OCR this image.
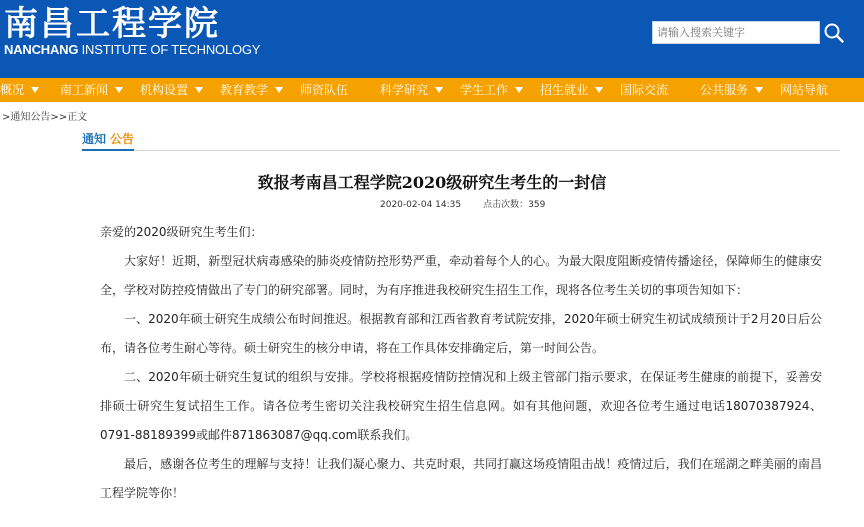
南昌工程学院
NANCHANG INSTITUTE OF TECHNOLOGY
请输入搜索关键字
概况	南工新闻	机构设置	教育教学	师资队伍	科学研究	学生工作	招生就业	国际交流	公共服务	网站导航
>通知公告>>正文
通知 公告
致报考南昌工程学院2020级研究生考生的一封信
2020-02-04 14:35 点击次数：359

亲爱的2020级研究生考生们：

大家好！近期，新型冠状病毒感染的肺炎疫情防控形势严重，牵动着每个人的心。为最大限度阻断疫情传播途径，保障师生的健康安全，学校对防控疫情做出了专门的研究部署。同时，为有序推进我校研究生招生工作，现将各位考生关切的事项告知如下：

一、2020年硕士研究生成绩公布时间推迟。根据教育部和江西省教育考试院安排，2020年硕士研究生初试成绩预计于2月20日后公布，请各位考生耐心等待。硕士研究生的核分申请，将在工作具体安排确定后，第一时间公告。

二、2020年硕士研究生复试的组织与安排。学校将根据疫情防控情况和上级主管部门指示要求，在保证考生健康的前提下，妥善安排硕士研究生复试招生工作。请各位考生密切关注我校研究生招生信息网。如有其他问题，欢迎各位考生通过电话18070387924、0791-88189399或邮件871863087@qq.com联系我们。

最后，感谢各位考生的理解与支持！让我们凝心聚力、共克时艰，共同打赢这场疫情阻击战！疫情过后，我们在瑶湖之畔美丽的南昌工程学院等你！
